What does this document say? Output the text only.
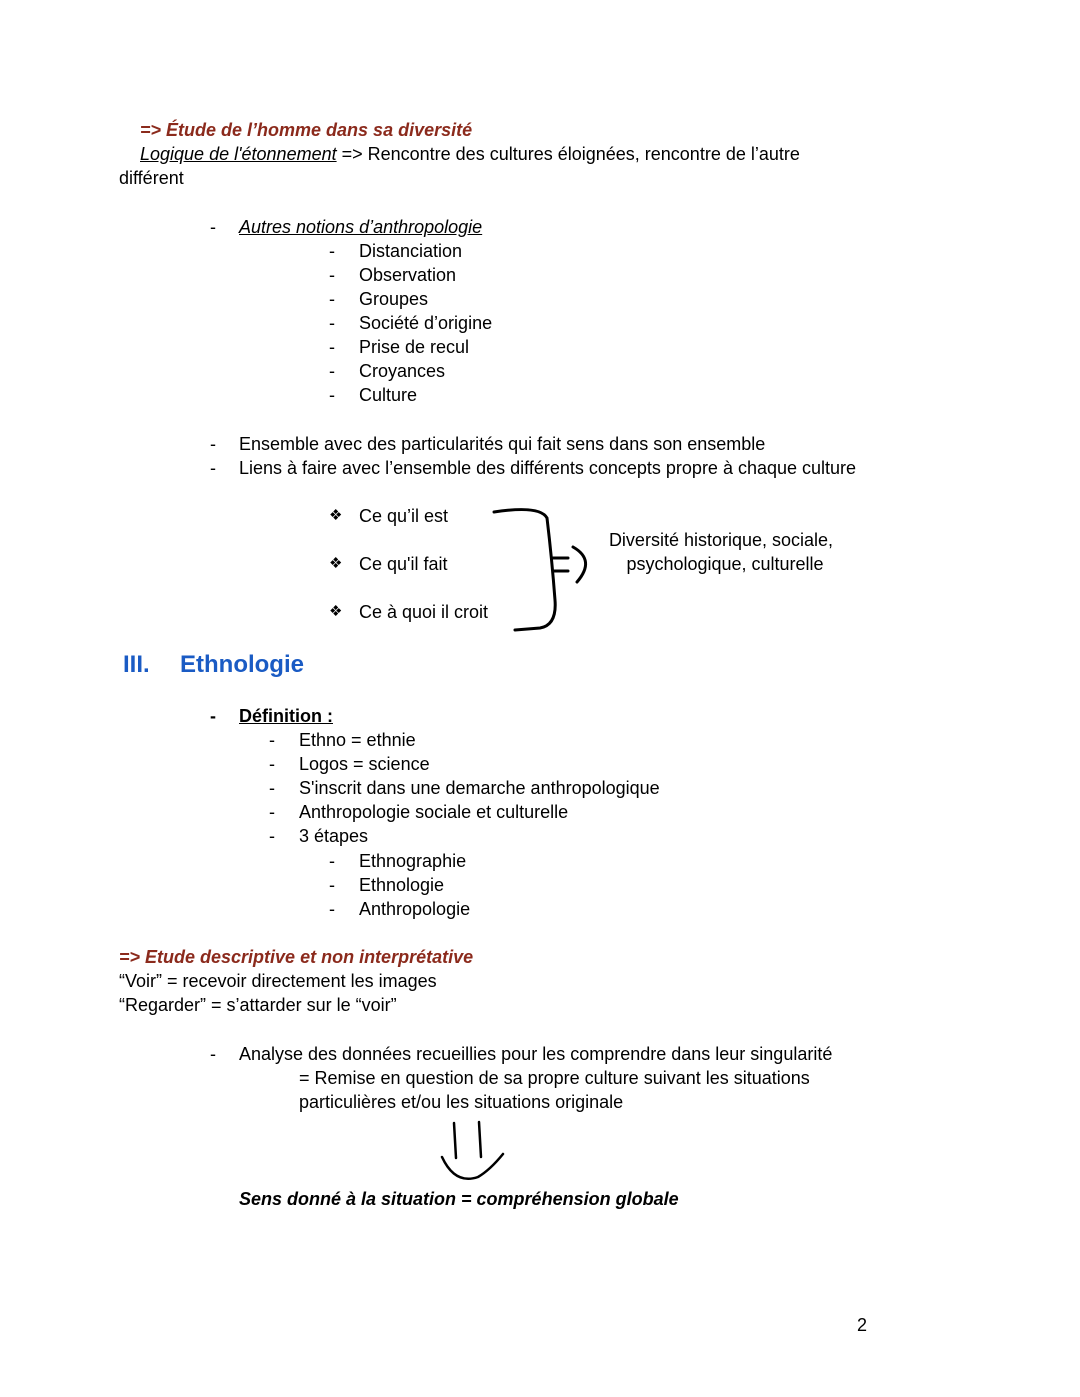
=> Étude de l’homme dans sa diversité
Logique de l'étonnement => Rencontre des cultures éloignées, rencontre de l’autre
différent
- Autres notions d’anthropologie
- Distanciation
- Observation
- Groupes
- Société d’origine
- Prise de recul
- Croyances
- Culture
- Ensemble avec des particularités qui fait sens dans son ensemble
- Liens à faire avec l’ensemble des différents concepts propre à chaque culture
❖ Ce qu’il est
❖ Ce qu'il fait
❖ Ce à quoi il croit
Diversité historique, sociale,
psychologique, culturelle
III. Ethnologie
- Définition :
- Ethno = ethnie
- Logos = science
- S'inscrit dans une demarche anthropologique
- Anthropologie sociale et culturelle
- 3 étapes
- Ethnographie
- Ethnologie
- Anthropologie
=> Etude descriptive et non interprétative
“Voir” = recevoir directement les images
“Regarder” = s’attarder sur le “voir”
- Analyse des données recueillies pour les comprendre dans leur singularité
= Remise en question de sa propre culture suivant les situations
particulières et/ou les situations originale
Sens donné à la situation = compréhension globale
2
